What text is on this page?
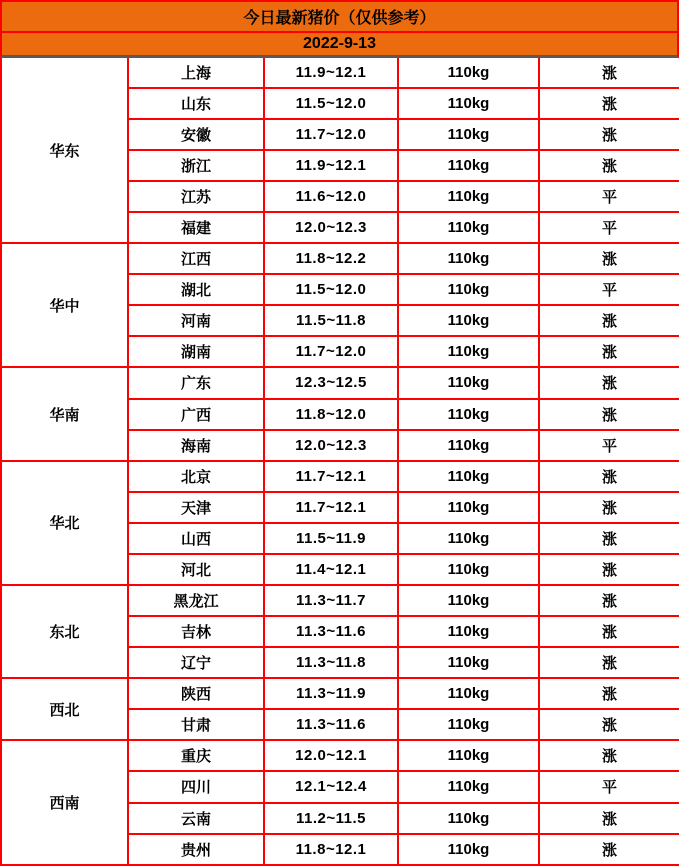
今日最新猪价（仅供参考）
2022-9-13
华东	上海	11.9~12.1	110kg	涨
	山东	11.5~12.0	110kg	涨
	安徽	11.7~12.0	110kg	涨
	浙江	11.9~12.1	110kg	涨
	江苏	11.6~12.0	110kg	平
	福建	12.0~12.3	110kg	平
华中	江西	11.8~12.2	110kg	涨
	湖北	11.5~12.0	110kg	平
	河南	11.5~11.8	110kg	涨
	湖南	11.7~12.0	110kg	涨
华南	广东	12.3~12.5	110kg	涨
	广西	11.8~12.0	110kg	涨
	海南	12.0~12.3	110kg	平
华北	北京	11.7~12.1	110kg	涨
	天津	11.7~12.1	110kg	涨
	山西	11.5~11.9	110kg	涨
	河北	11.4~12.1	110kg	涨
东北	黑龙江	11.3~11.7	110kg	涨
	吉林	11.3~11.6	110kg	涨
	辽宁	11.3~11.8	110kg	涨
西北	陕西	11.3~11.9	110kg	涨
	甘肃	11.3~11.6	110kg	涨
西南	重庆	12.0~12.1	110kg	涨
	四川	12.1~12.4	110kg	平
	云南	11.2~11.5	110kg	涨
	贵州	11.8~12.1	110kg	涨
